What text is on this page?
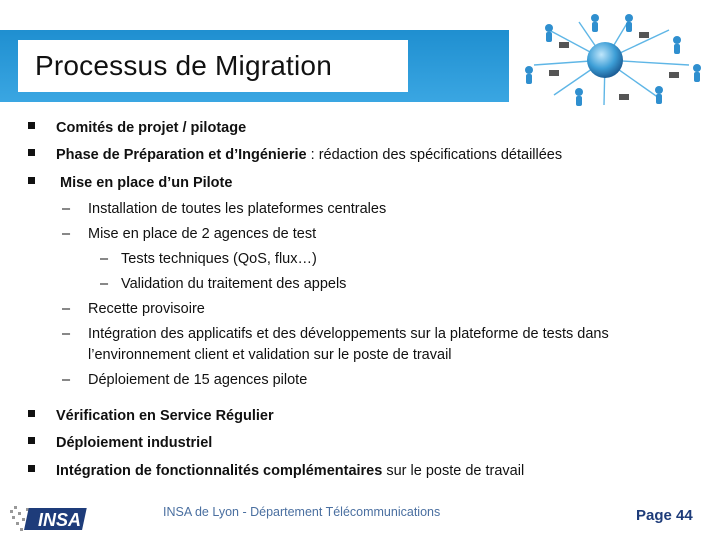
Processus de Migration
Comités de projet / pilotage
Phase de Préparation et d’Ingénierie : rédaction des spécifications détaillées
Mise en place d’un Pilote
– Installation de toutes les plateformes centrales
– Mise en place de 2 agences de test
– Tests techniques (QoS, flux…)
– Validation du traitement des appels
– Recette provisoire
– Intégration des applicatifs et des développements sur la plateforme de tests dans
l’environnement client et validation sur le poste de travail
– Déploiement de 15 agences pilote
Vérification en Service Régulier
Déploiement industriel
Intégration de fonctionnalités complémentaires sur le poste de travail
INSA	INSA de Lyon - Département Télécommunications	Page 44
